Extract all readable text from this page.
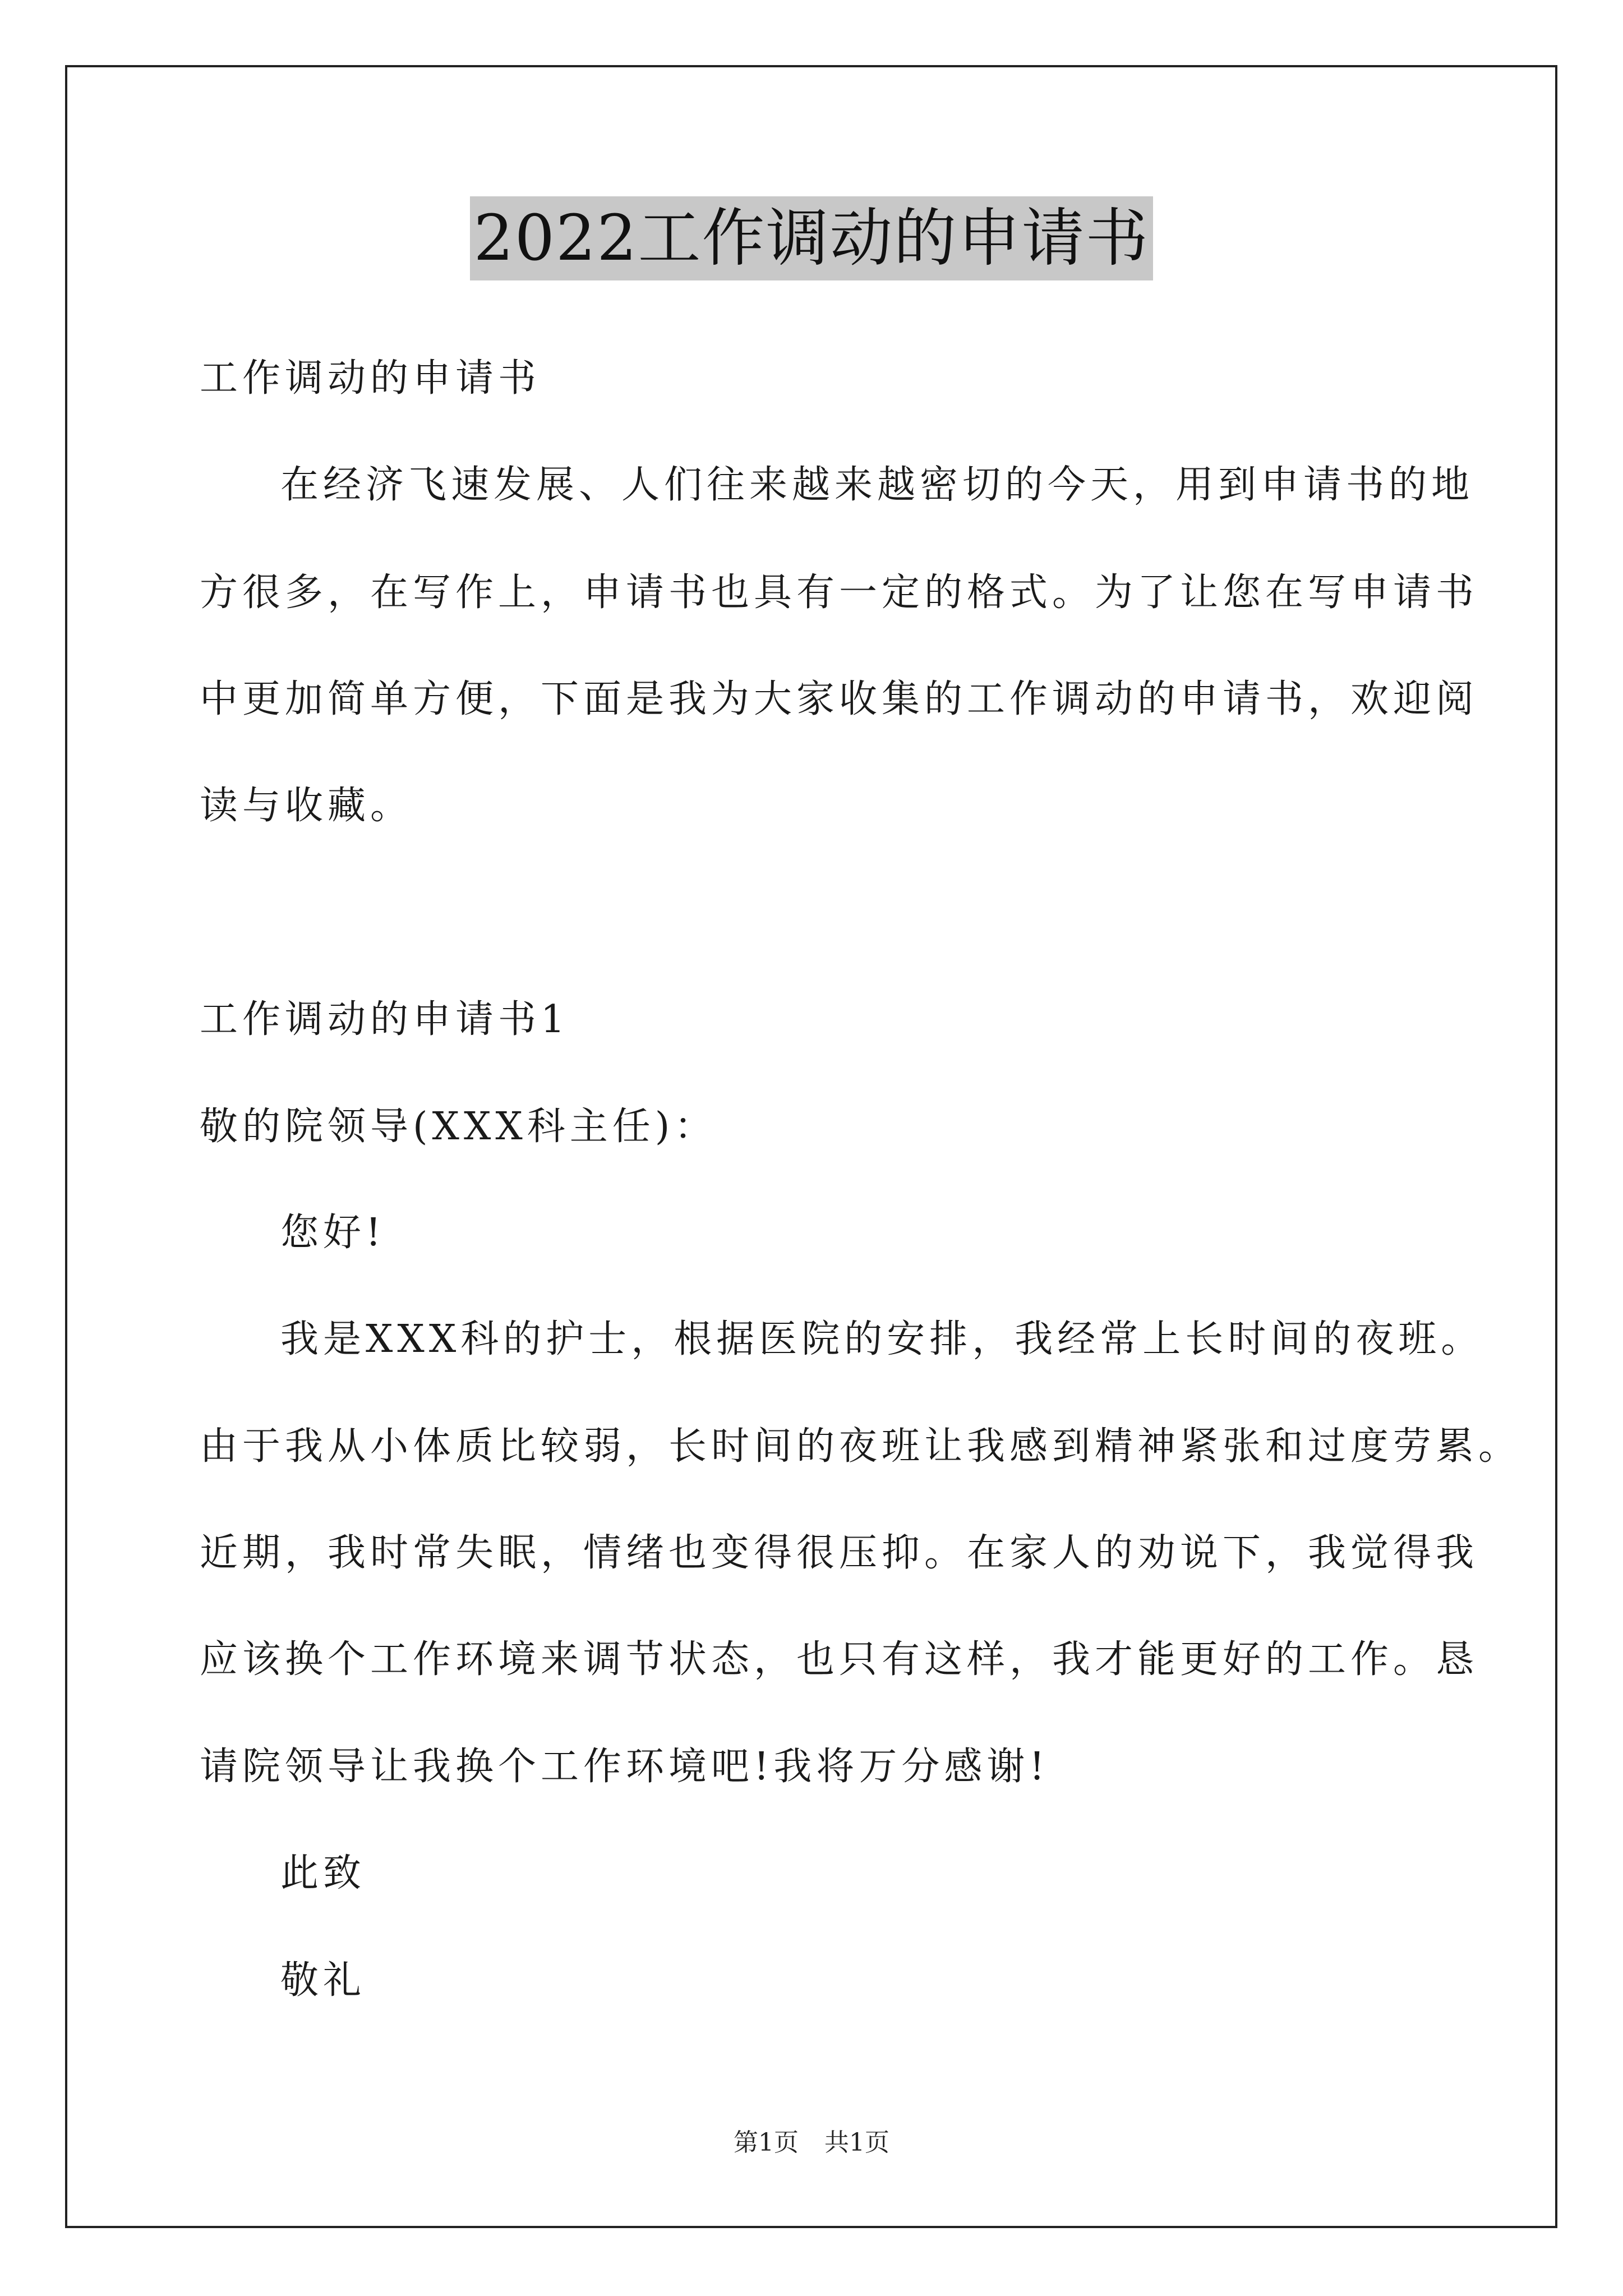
2022工作调动的申请书
工作调动的申请书
在经济飞速发展、人们往来越来越密切的今天，用到申请书的地
方很多，在写作上，申请书也具有一定的格式。为了让您在写申请书
中更加简单方便，下面是我为大家收集的工作调动的申请书，欢迎阅
读与收藏。
工作调动的申请书1
敬的院领导(XXX科主任)：
您好!
我是XXX科的护士，根据医院的安排，我经常上长时间的夜班。
由于我从小体质比较弱，长时间的夜班让我感到精神紧张和过度劳累。
近期，我时常失眠，情绪也变得很压抑。在家人的劝说下，我觉得我
应该换个工作环境来调节状态，也只有这样，我才能更好的工作。恳
请院领导让我换个工作环境吧!我将万分感谢!
此致
敬礼
第1页 共1页
